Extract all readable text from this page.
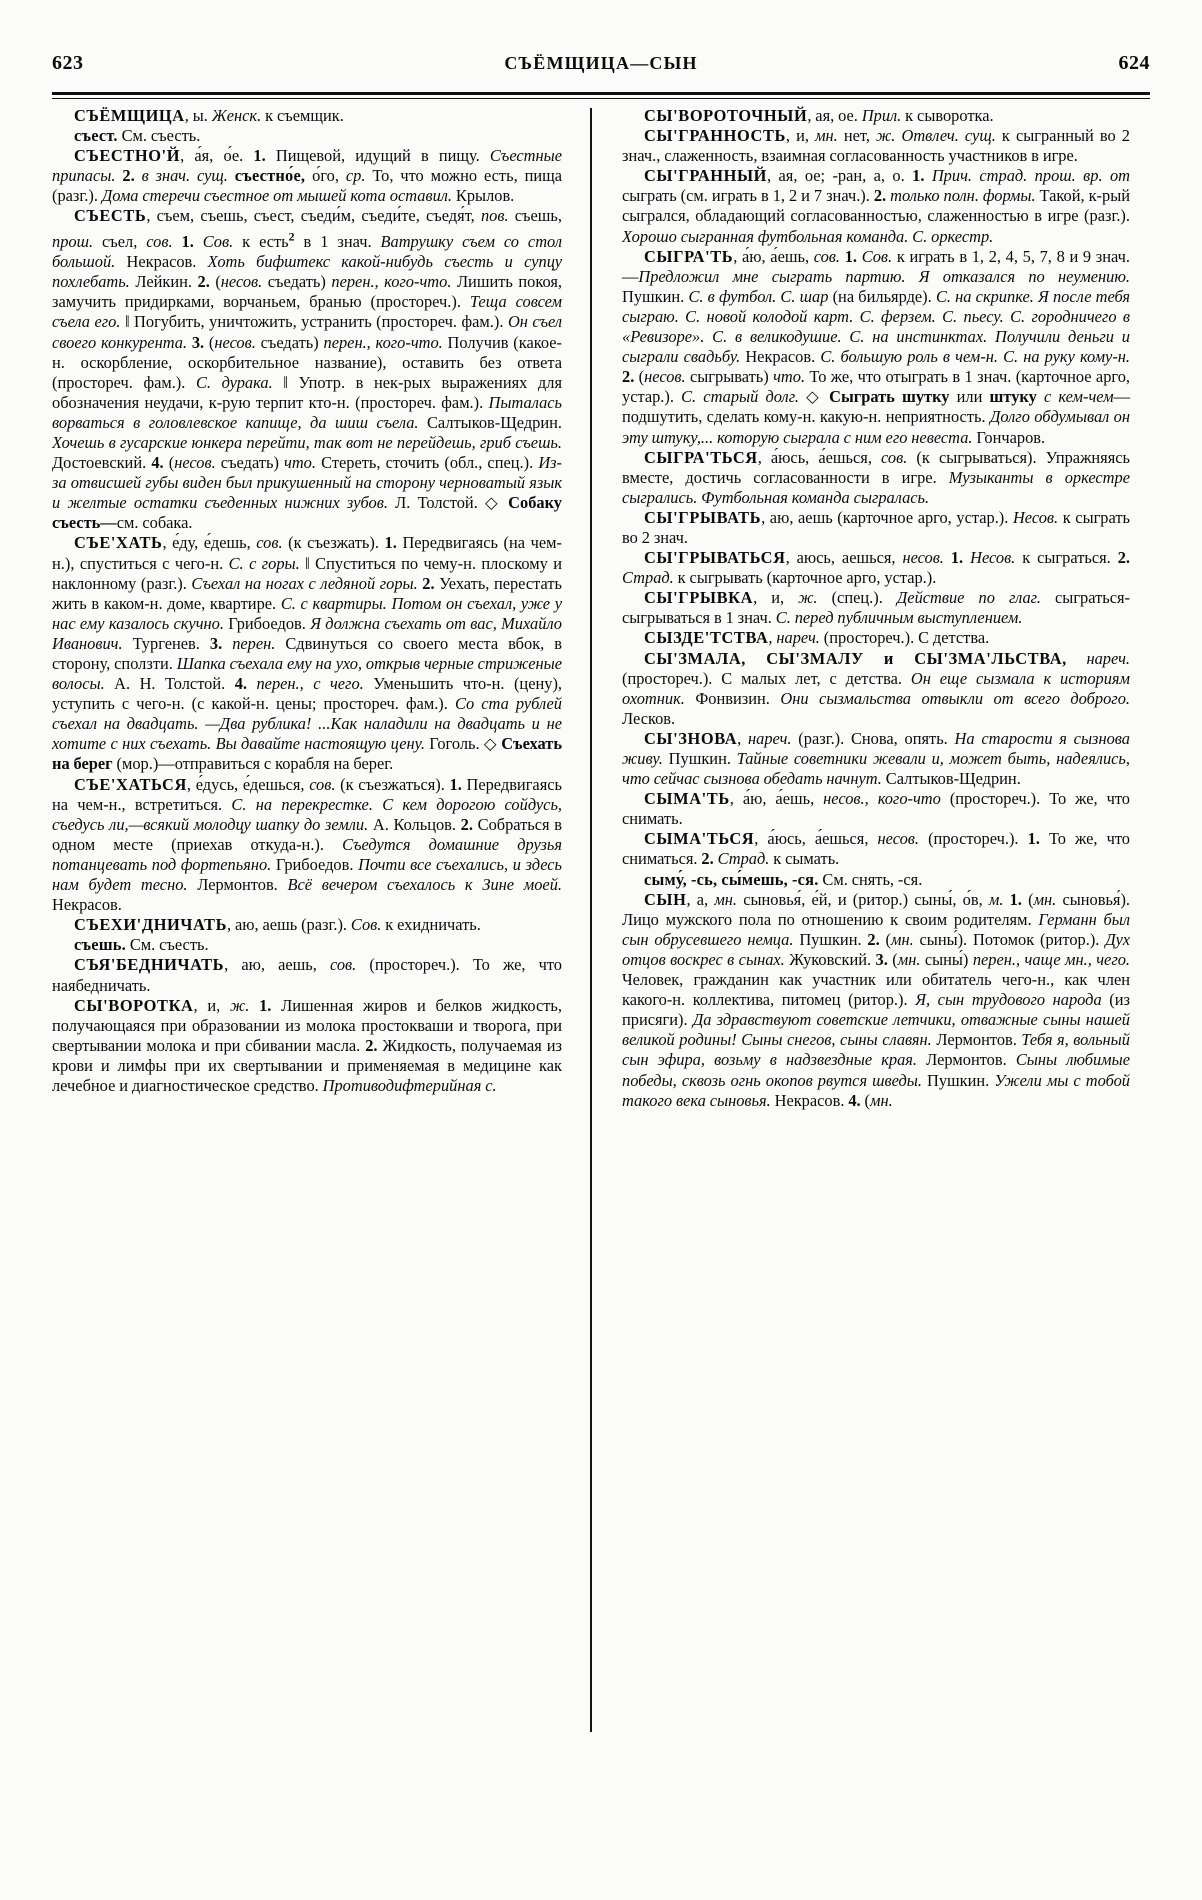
623	СЪЁМЩИЦА—СЫН	624

СЪЁМЩИЦА, ы. Женск. к съемщик.

съест. См. съесть.

СЪЕСТНО'Й, а́я, о́е. 1. Пищевой, идущий в пищу. Съестные припасы. 2. в знач. сущ. съестно́е, о́го, ср. То, что можно есть, пища (разг.). Дома стеречи съестное от мышей кота оставил. Крылов.

СЪЕСТЬ, съем, съешь, съест, съеди́м, съеди́те, съедя́т, пов. съешь, прош. съел, сов. 1. Сов. к есть$^2$ в 1 знач. Ватрушку съем со стол большой. Некрасов. Хоть бифштекс какой-нибудь съесть и супцу похлебать. Лейкин. 2. (несов. съедать) перен., кого-что. Лишить покоя, замучить придирками, ворчаньем, бранью (простореч.). Теща совсем съела его. ‖ Погубить, уничтожить, устранить (простореч. фам.). Он съел своего конкурента. 3. (несов. съедать) перен., кого-что. Получив (какое-н. оскорбление, оскорбительное название), оставить без ответа (простореч. фам.). С. дурака. ‖ Употр. в нек-рых выражениях для обозначения неудачи, к-рую терпит кто-н. (простореч. фам.). Пыталась ворваться в головлевское капище, да шиш съела. Салтыков-Щедрин. Хочешь в гусарские юнкера перейти, так вот не перейдешь, гриб съешь. Достоевский. 4. (несов. съедать) что. Стереть, сточить (обл., спец.). Из-за отвисшей губы виден был прикушенный на сторону черноватый язык и желтые остатки съеденных нижних зубов. Л. Толстой. ◇ Собаку съесть—см. собака.

СЪЕ'ХАТЬ, е́ду, е́дешь, сов. (к съезжать). 1. Передвигаясь (на чем-н.), спуститься с чего-н. С. с горы. ‖ Спуститься по чему-н. плоскому и наклонному (разг.). Съехал на ногах с ледяной горы. 2. Уехать, перестать жить в каком-н. доме, квартире. С. с квартиры. Потом он съехал, уже у нас ему казалось скучно. Грибоедов. Я должна съехать от вас, Михайло Иванович. Тургенев. 3. перен. Сдвинуться со своего места вбок, в сторону, сползти. Шапка съехала ему на ухо, открыв черные стриженые волосы. А. Н. Толстой. 4. перен., с чего. Уменьшить что-н. (цену), уступить с чего-н. (с какой-н. цены; простореч. фам.). Со ста рублей съехал на двадцать. —Два рублика! ...Как наладили на двадцать и не хотите с них съехать. Вы давайте настоящую цену. Гоголь. ◇ Съехать на берег (мор.)—отправиться с корабля на берег.

СЪЕ'ХАТЬСЯ, е́дусь, е́дешься, сов. (к съезжаться). 1. Передвигаясь на чем-н., встретиться. С. на перекрестке. С кем дорогою сойдусь, съедусь ли,—всякий молодцу шапку до земли. А. Кольцов. 2. Собраться в одном месте (приехав откуда-н.). Съедутся домашние друзья потанцевать под фортепьяно. Грибоедов. Почти все съехались, и здесь нам будет тесно. Лермонтов. Всё вечером съехалось к Зине моей. Некрасов.

СЪЕХИ'ДНИЧАТЬ, аю, аешь (разг.). Сов. к ехидничать.

съешь. См. съесть.

СЪЯ'БЕДНИЧАТЬ, аю, аешь, сов. (простореч.). То же, что наябедничать.

СЫ'ВОРОТКА, и, ж. 1. Лишенная жиров и белков жидкость, получающаяся при образовании из молока простокваши и творога, при свертывании молока и при сбивании масла. 2. Жидкость, получаемая из крови и лимфы при их свертывании и применяемая в медицине как лечебное и диагностическое средство. Противодифтерийная с.

СЫ'ВОРОТОЧНЫЙ, ая, ое. Прил. к сыворотка.

СЫ'ГРАННОСТЬ, и, мн. нет, ж. Отвлеч. сущ. к сыгранный во 2 знач., слаженность, взаимная согласованность участников в игре.

СЫ'ГРАННЫЙ, ая, ое; -ран, а, о. 1. Прич. страд. прош. вр. от сыграть (см. играть в 1, 2 и 7 знач.). 2. только полн. формы. Такой, к-рый сыгрался, обладающий согласованностью, слаженностью в игре (разг.). Хорошо сыгранная футбольная команда. С. оркестр.

СЫГРА'ТЬ, а́ю, а́ешь, сов. 1. Сов. к играть в 1, 2, 4, 5, 7, 8 и 9 знач.—Предложил мне сыграть партию. Я отказался по неумению. Пушкин. С. в футбол. С. шар (на бильярде). С. на скрипке. Я после тебя сыграю. С. новой колодой карт. С. ферзем. С. пьесу. С. городничего в «Ревизоре». С. в великодушие. С. на инстинктах. Получили деньги и сыграли свадьбу. Некрасов. С. большую роль в чем-н. С. на руку кому-н. 2. (несов. сыгрывать) что. То же, что отыграть в 1 знач. (карточное арго, устар.). С. старый долг. ◇ Сыграть шутку или штуку с кем-чем—подшутить, сделать кому-н. какую-н. неприятность. Долго обдумывал он эту штуку,... которую сыграла с ним его невеста. Гончаров.

СЫГРА'ТЬСЯ, а́юсь, а́ешься, сов. (к сыгрываться). Упражняясь вместе, достичь согласованности в игре. Музыканты в оркестре сыгрались. Футбольная команда сыгралась.

СЫ'ГРЫВАТЬ, аю, аешь (карточное арго, устар.). Несов. к сыграть во 2 знач.

СЫ'ГРЫВАТЬСЯ, аюсь, аешься, несов. 1. Несов. к сыграться. 2. Страд. к сыгрывать (карточное арго, устар.).

СЫ'ГРЫВКА, и, ж. (спец.). Действие по глаг. сыграться-сыгрываться в 1 знач. С. перед публичным выступлением.

СЫЗДЕ'ТСТВА, нареч. (простореч.). С детства.

СЫ'ЗМАЛА, СЫ'ЗМАЛУ и СЫ'ЗМА'ЛЬСТВА, нареч. (простореч.). С малых лет, с детства. Он еще сызмала к историям охотник. Фонвизин. Они сызмальства отвыкли от всего доброго. Лесков.

СЫ'ЗНОВА, нареч. (разг.). Снова, опять. На старости я сызнова живу. Пушкин. Тайные советники жевали и, может быть, надеялись, что сейчас сызнова обедать начнут. Салтыков-Щедрин.

СЫМА'ТЬ, а́ю, а́ешь, несов., кого-что (простореч.). То же, что снимать.

СЫМА'ТЬСЯ, а́юсь, а́ешься, несов. (простореч.). 1. То же, что сниматься. 2. Страд. к сымать.

сыму́, -сь, сы́мешь, -ся. См. снять, -ся.

СЫН, а, мн. сыновья́, е́й, и (ритор.) сыны́, о́в, м. 1. (мн. сыновья́). Лицо мужского пола по отношению к своим родителям. Германн был сын обрусевшего немца. Пушкин. 2. (мн. сыны́). Потомок (ритор.). Дух отцов воскрес в сынах. Жуковский. 3. (мн. сыны́) перен., чаще мн., чего. Человек, гражданин как участник или обитатель чего-н., как член какого-н. коллектива, питомец (ритор.). Я, сын трудового народа (из присяги). Да здравствуют советские летчики, отважные сыны нашей великой родины! Сыны снегов, сыны славян. Лермонтов. Тебя я, вольный сын эфира, возьму в надзвездные края. Лермонтов. Сыны любимые победы, сквозь огнь окопов рвутся шведы. Пушкин. Ужели мы с тобой такого века сыновья. Некрасов. 4. (мн.
